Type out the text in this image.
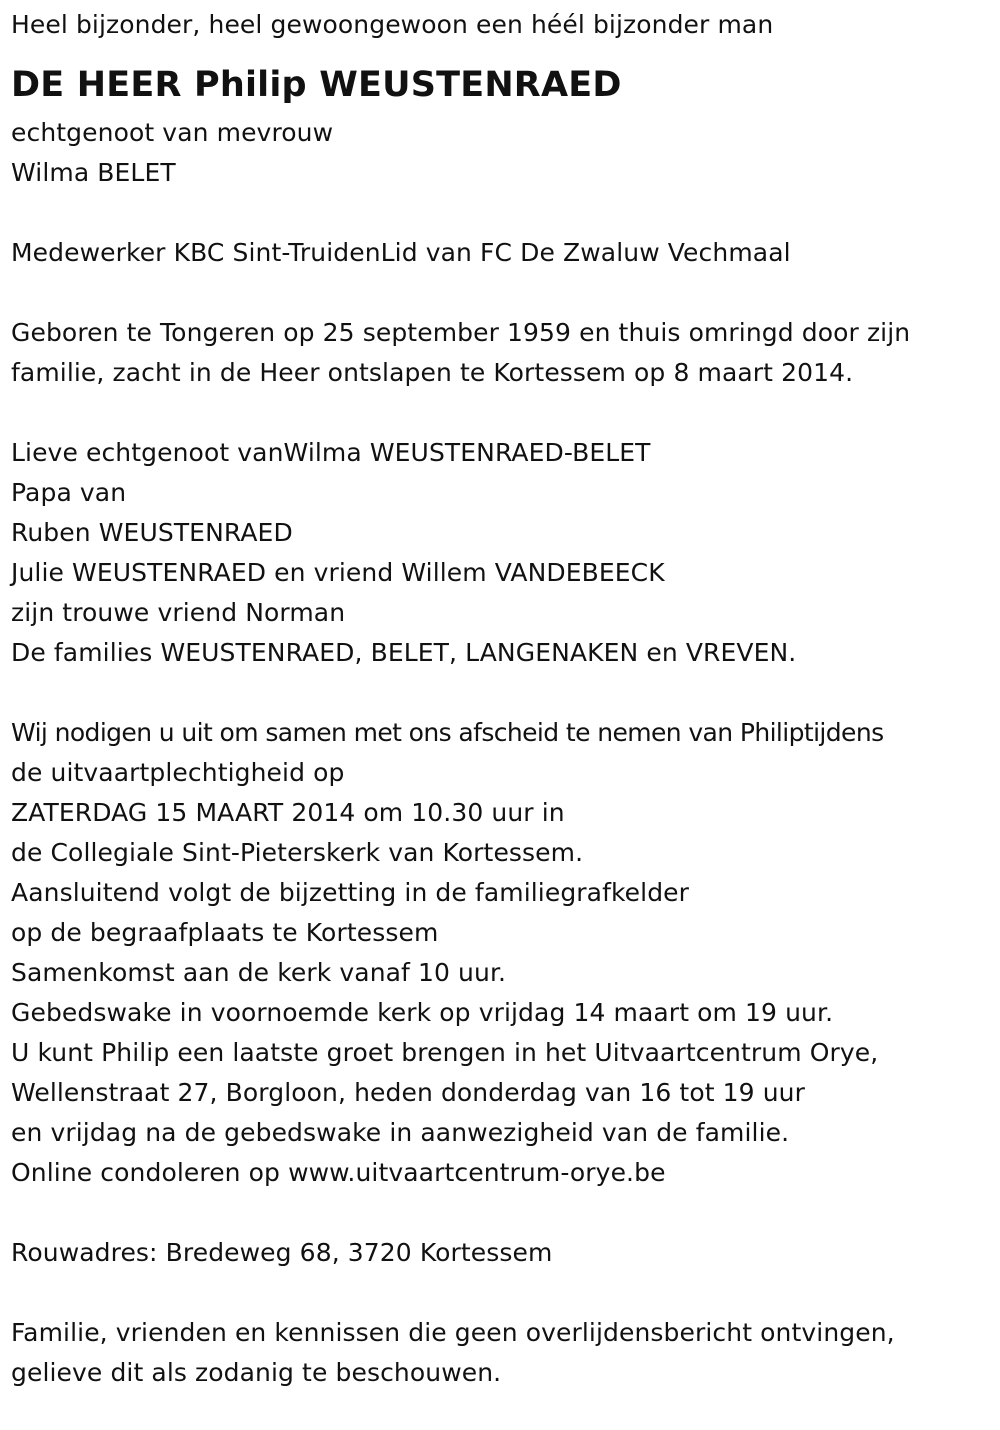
Heel bijzonder, heel gewoongewoon een héél bijzonder man
DE HEER Philip WEUSTENRAED
echtgenoot van mevrouw
Wilma BELET
Medewerker KBC Sint-TruidenLid van FC De Zwaluw Vechmaal
Geboren te Tongeren op 25 september 1959 en thuis omringd door zijn
familie, zacht in de Heer ontslapen te Kortessem op 8 maart 2014.
Lieve echtgenoot vanWilma WEUSTENRAED-BELET
Papa van
Ruben WEUSTENRAED
Julie WEUSTENRAED en vriend Willem VANDEBEECK
zijn trouwe vriend Norman
De families WEUSTENRAED, BELET, LANGENAKEN en VREVEN.
Wij nodigen u uit om samen met ons afscheid te nemen van Philiptijdens
de uitvaartplechtigheid op
ZATERDAG 15 MAART 2014 om 10.30 uur in
de Collegiale Sint-Pieterskerk van Kortessem.
Aansluitend volgt de bijzetting in de familiegrafkelder
op de begraafplaats te Kortessem
Samenkomst aan de kerk vanaf 10 uur.
Gebedswake in voornoemde kerk op vrijdag 14 maart om 19 uur.
U kunt Philip een laatste groet brengen in het Uitvaartcentrum Orye,
Wellenstraat 27, Borgloon, heden donderdag van 16 tot 19 uur
en vrijdag na de gebedswake in aanwezigheid van de familie.
Online condoleren op www.uitvaartcentrum-orye.be
Rouwadres: Bredeweg 68, 3720 Kortessem
Familie, vrienden en kennissen die geen overlijdensbericht ontvingen,
gelieve dit als zodanig te beschouwen.
